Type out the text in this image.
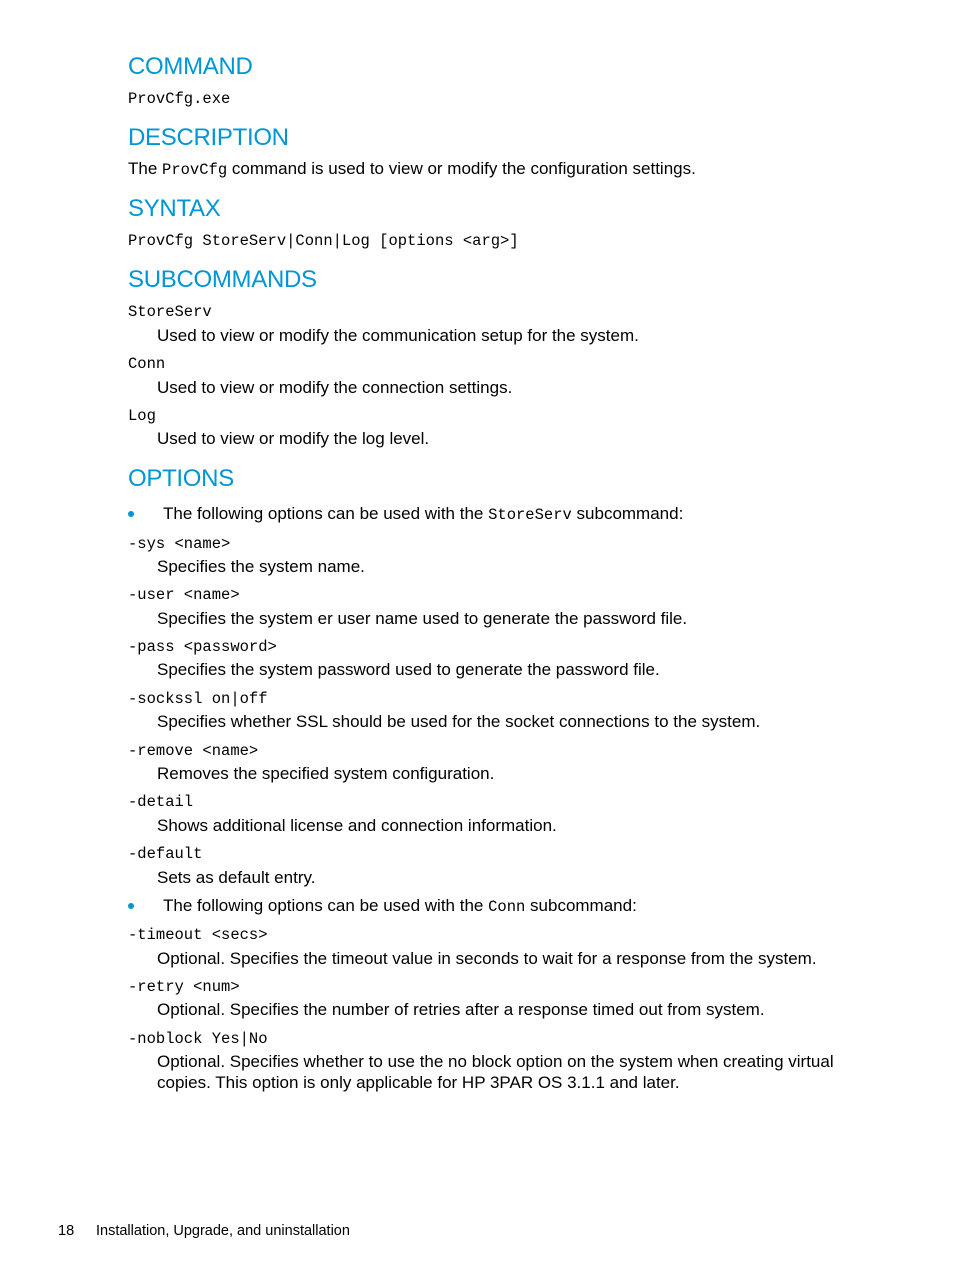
COMMAND
ProvCfg.exe
DESCRIPTION

The ProvCfg command is used to view or modify the configuration settings.

SYNTAX
ProvCfg StoreServ|Conn|Log [options <arg>]
SUBCOMMANDS
StoreServ

Used to view or modify the communication setup for the system.

Conn

Used to view or modify the connection settings.

Log

Used to view or modify the log level.

OPTIONS
The following options can be used with the StoreServ subcommand:
-sys <name>

Specifies the system name.

-user <name>

Specifies the system er user name used to generate the password file.

-pass <password>

Specifies the system password used to generate the password file.

-sockssl on|off

Specifies whether SSL should be used for the socket connections to the system.

-remove <name>

Removes the specified system configuration.

-detail

Shows additional license and connection information.

-default

Sets as default entry.

The following options can be used with the Conn subcommand:
-timeout <secs>

Optional. Specifies the timeout value in seconds to wait for a response from the system.

-retry <num>

Optional. Specifies the number of retries after a response timed out from system.

-noblock Yes|No

Optional. Specifies whether to use the no block option on the system when creating virtual copies. This option is only applicable for HP 3PAR OS 3.1.1 and later.

18 Installation, Upgrade, and uninstallation
